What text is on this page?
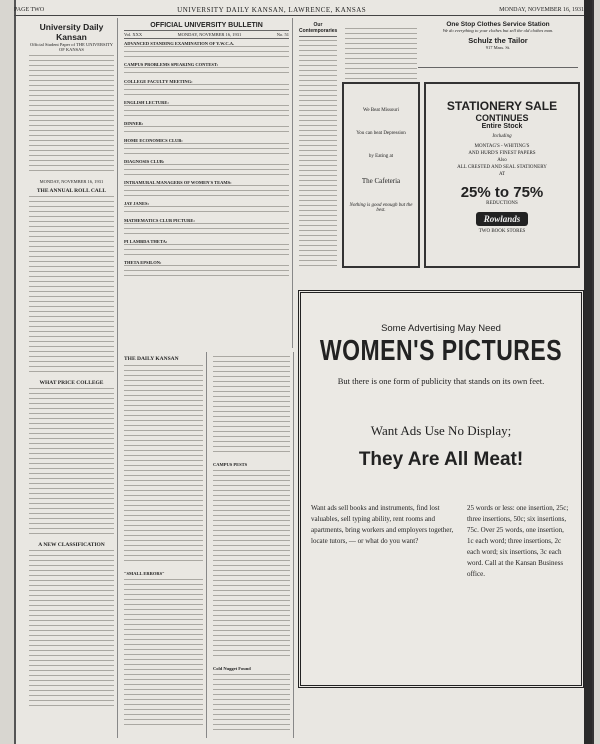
PAGE TWO	UNIVERSITY DAILY KANSAN, LAWRENCE, KANSAS	MONDAY, NOVEMBER 16, 1931
University Daily Kansan
Official Student Paper of THE UNIVERSITY OF KANSAS
MONDAY, NOVEMBER 16, 1931
THE ANNUAL ROLL CALL
WHAT PRICE COLLEGE
A NEW CLASSIFICATION
OFFICIAL UNIVERSITY BULLETIN
Vol. XXX	MONDAY, NOVEMBER 16, 1931	No. 51
ADVANCED STANDING EXAMINATION OF Y.W.C.A.
CAMPUS PROBLEMS SPEAKING CONTEST:
COLLEGE FACULTY MEETING:
ENGLISH LECTURE:
DINNER:
HOME ECONOMICS CLUB:
DIAGNOSIS CLUB:
INTRAMURAL MANAGERS OF WOMEN'S TEAMS:
JAY JANES:
MATHEMATICS CLUB PICTURE:
PI LAMBDA THETA:
THETA EPSILON:
THE DAILY KANSAN
"SMALL ERRORS"
CAMPUS PESTS
Cold Nugget Found
Our Contemporaries
One Stop Clothes Service Station
We do everything to your clothes but sell the old clothes man.
Schulz the Tailor
917 Mass. St.
We Beat Missouri
You can beat Depression
by Eating at
The Cafeteria
Nothing is good enough but the best.
STATIONERY SALE
CONTINUES
Entire Stock
Including
MONTAG'S - WHITING'S
AND HURD'S FINEST PAPERS
Also
ALL CRESTED AND SEAL STATIONERY
AT
25% to 75%
REDUCTIONS
Rowlands
TWO BOOK STORES
Some Advertising May Need
WOMEN'S PICTURES
But there is one form of publicity that stands on its own feet.
Want Ads Use No Display;
They Are All Meat!
Want ads sell books and instruments, find lost valuables, sell typing ability, rent rooms and apartments, bring workers and employers together, locate tutors, — or what do you want?
25 words or less: one insertion, 25c; three insertions, 50c; six insertions, 75c. Over 25 words, one insertion, 1c each word; three insertions, 2c each word; six insertions, 3c each word. Call at the Kansan Business office.
